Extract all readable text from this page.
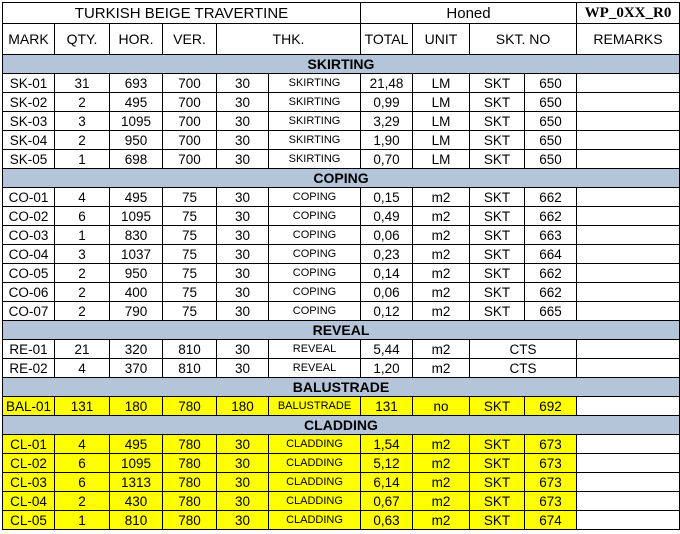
TURKISH BEIGE TRAVERTINE						Honed				WP_0XX_R0
MARK	QTY.	HOR.	VER.	THK.		TOTAL	UNIT	SKT. NO		REMARKS
SKIRTING										
SK-01	31	693	700	30	SKIRTING	21,48	LM	SKT	650	
SK-02	2	495	700	30	SKIRTING	0,99	LM	SKT	650	
SK-03	3	1095	700	30	SKIRTING	3,29	LM	SKT	650	
SK-04	2	950	700	30	SKIRTING	1,90	LM	SKT	650	
SK-05	1	698	700	30	SKIRTING	0,70	LM	SKT	650	
COPING										
CO-01	4	495	75	30	COPING	0,15	m2	SKT	662	
CO-02	6	1095	75	30	COPING	0,49	m2	SKT	662	
CO-03	1	830	75	30	COPING	0,06	m2	SKT	663	
CO-04	3	1037	75	30	COPING	0,23	m2	SKT	664	
CO-05	2	950	75	30	COPING	0,14	m2	SKT	662	
CO-06	2	400	75	30	COPING	0,06	m2	SKT	662	
CO-07	2	790	75	30	COPING	0,12	m2	SKT	665	
REVEAL										
RE-01	21	320	810	30	REVEAL	5,44	m2	CTS		
RE-02	4	370	810	30	REVEAL	1,20	m2	CTS		
BALUSTRADE										
BAL-01	131	180	780	180	BALUSTRADE	131	no	SKT	692	
CLADDING										
CL-01	4	495	780	30	CLADDING	1,54	m2	SKT	673	
CL-02	6	1095	780	30	CLADDING	5,12	m2	SKT	673	
CL-03	6	1313	780	30	CLADDING	6,14	m2	SKT	673	
CL-04	2	430	780	30	CLADDING	0,67	m2	SKT	673	
CL-05	1	810	780	30	CLADDING	0,63	m2	SKT	674	
